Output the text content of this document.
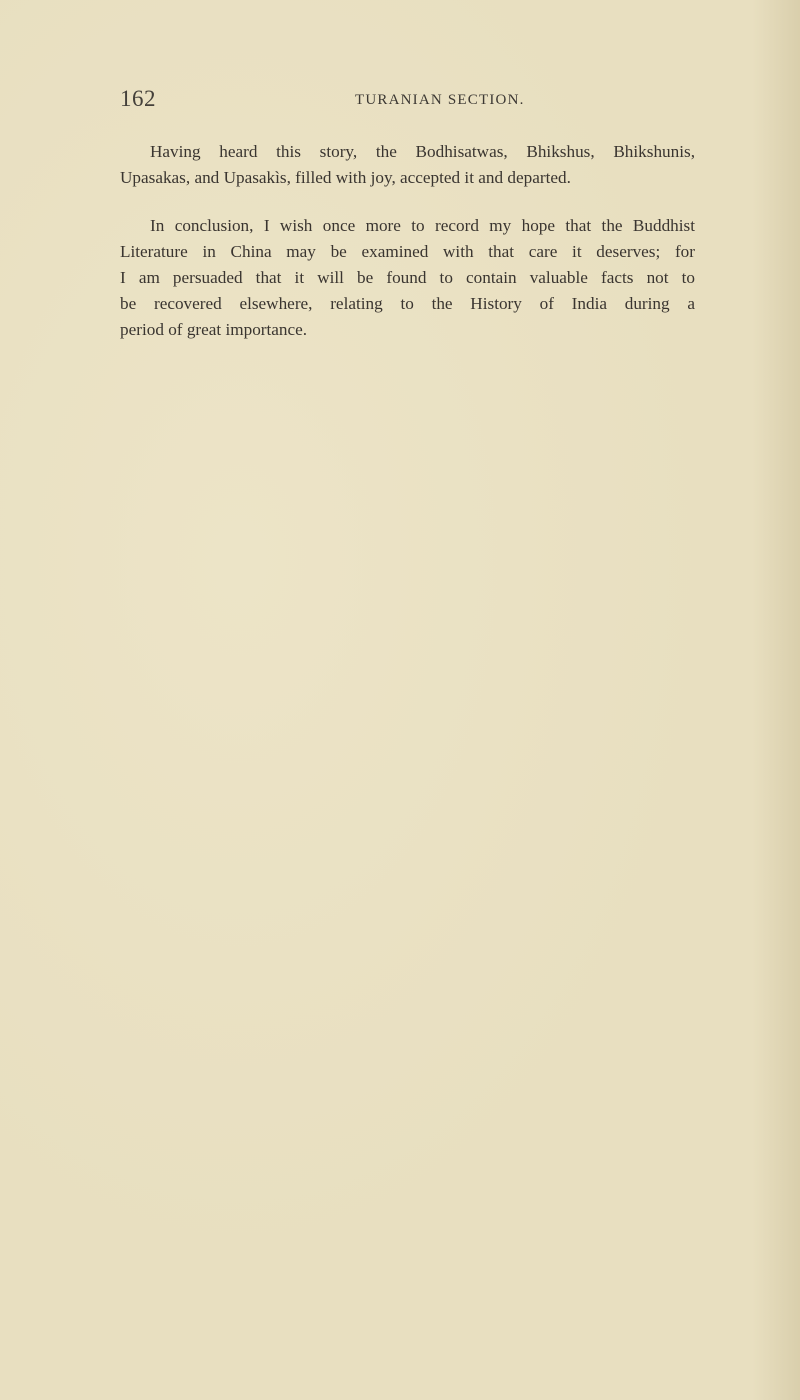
162	TURANIAN SECTION.
Having heard this story, the Bodhisatwas, Bhikshus, Bhikshunis,
Upasakas, and Upasakìs, filled with joy, accepted it and departed.
In conclusion, I wish once more to record my hope that the Buddhist
Literature in China may be examined with that care it deserves; for
I am persuaded that it will be found to contain valuable facts not to
be recovered elsewhere, relating to the History of India during a
period of great importance.
